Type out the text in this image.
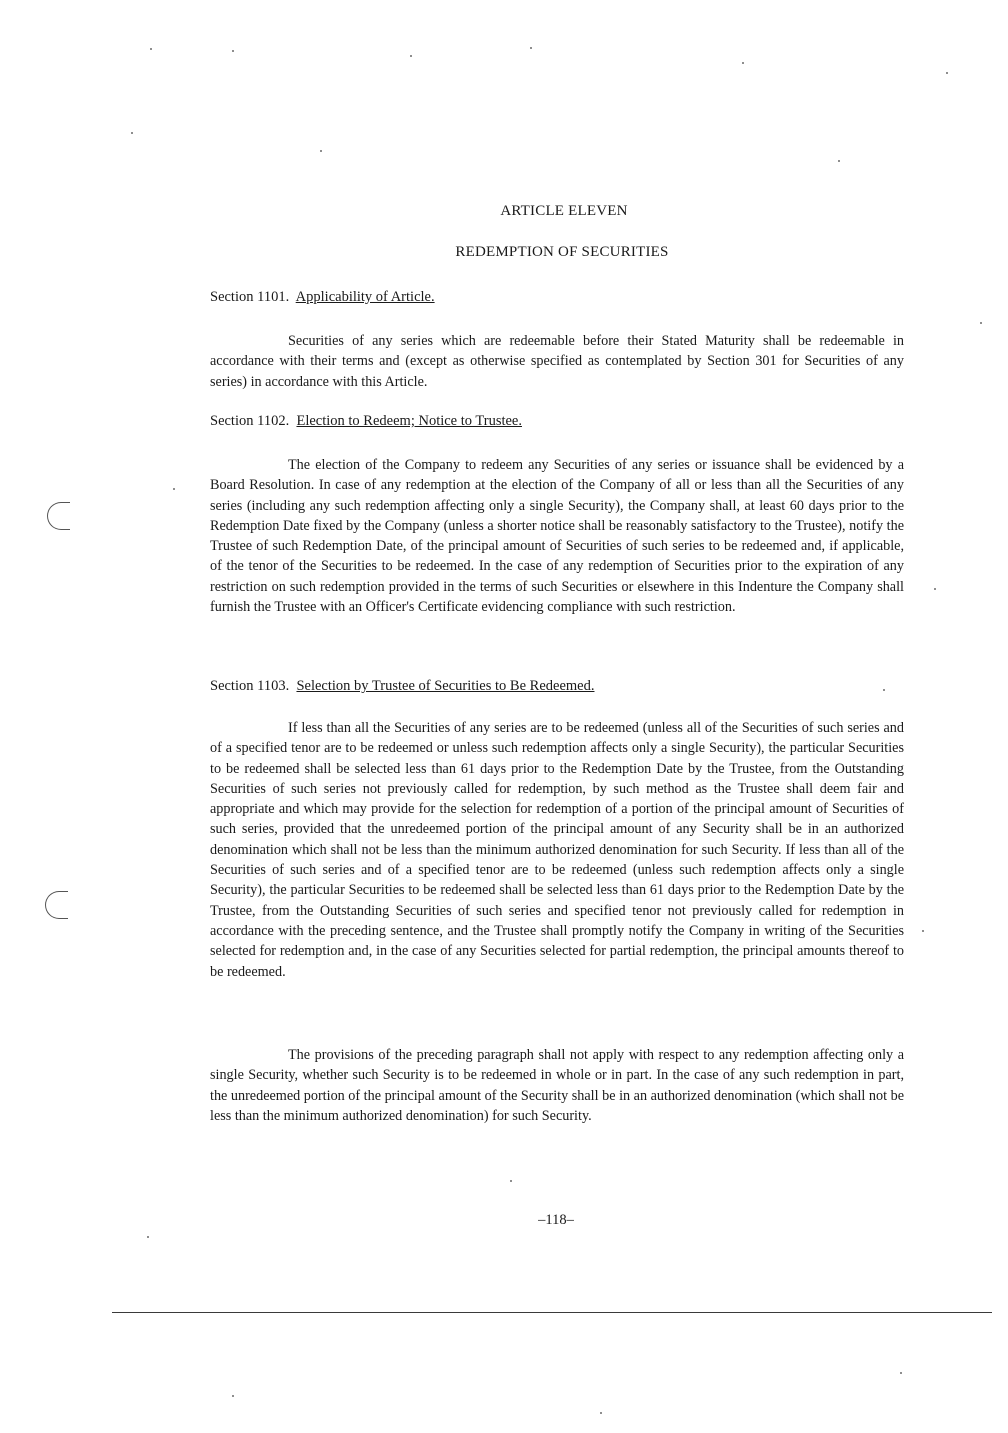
ARTICLE ELEVEN
REDEMPTION OF SECURITIES
Section 1101. Applicability of Article.

Securities of any series which are redeemable before their Stated Maturity shall be redeemable in accordance with their terms and (except as otherwise specified as contemplated by Section 301 for Securities of any series) in accordance with this Article.

Section 1102. Election to Redeem; Notice to Trustee.

The election of the Company to redeem any Securities of any series or issuance shall be evidenced by a Board Resolution. In case of any redemption at the election of the Company of all or less than all the Securities of any series (including any such redemption affecting only a single Security), the Company shall, at least 60 days prior to the Redemption Date fixed by the Company (unless a shorter notice shall be reasonably satisfactory to the Trustee), notify the Trustee of such Redemption Date, of the principal amount of Securities of such series to be redeemed and, if applicable, of the tenor of the Securities to be redeemed. In the case of any redemption of Securities prior to the expiration of any restriction on such redemption provided in the terms of such Securities or elsewhere in this Indenture the Company shall furnish the Trustee with an Officer's Certificate evidencing compliance with such restriction.

Section 1103. Selection by Trustee of Securities to Be Redeemed.

If less than all the Securities of any series are to be redeemed (unless all of the Securities of such series and of a specified tenor are to be redeemed or unless such redemption affects only a single Security), the particular Securities to be redeemed shall be selected less than 61 days prior to the Redemption Date by the Trustee, from the Outstanding Securities of such series not previously called for redemption, by such method as the Trustee shall deem fair and appropriate and which may provide for the selection for redemption of a portion of the principal amount of Securities of such series, provided that the unredeemed portion of the principal amount of any Security shall be in an authorized denomination which shall not be less than the minimum authorized denomination for such Security. If less than all of the Securities of such series and of a specified tenor are to be redeemed (unless such redemption affects only a single Security), the particular Securities to be redeemed shall be selected less than 61 days prior to the Redemption Date by the Trustee, from the Outstanding Securities of such series and specified tenor not previously called for redemption in accordance with the preceding sentence, and the Trustee shall promptly notify the Company in writing of the Securities selected for redemption and, in the case of any Securities selected for partial redemption, the principal amounts thereof to be redeemed.

The provisions of the preceding paragraph shall not apply with respect to any redemption affecting only a single Security, whether such Security is to be redeemed in whole or in part. In the case of any such redemption in part, the unredeemed portion of the principal amount of the Security shall be in an authorized denomination (which shall not be less than the minimum authorized denomination) for such Security.

–118–
